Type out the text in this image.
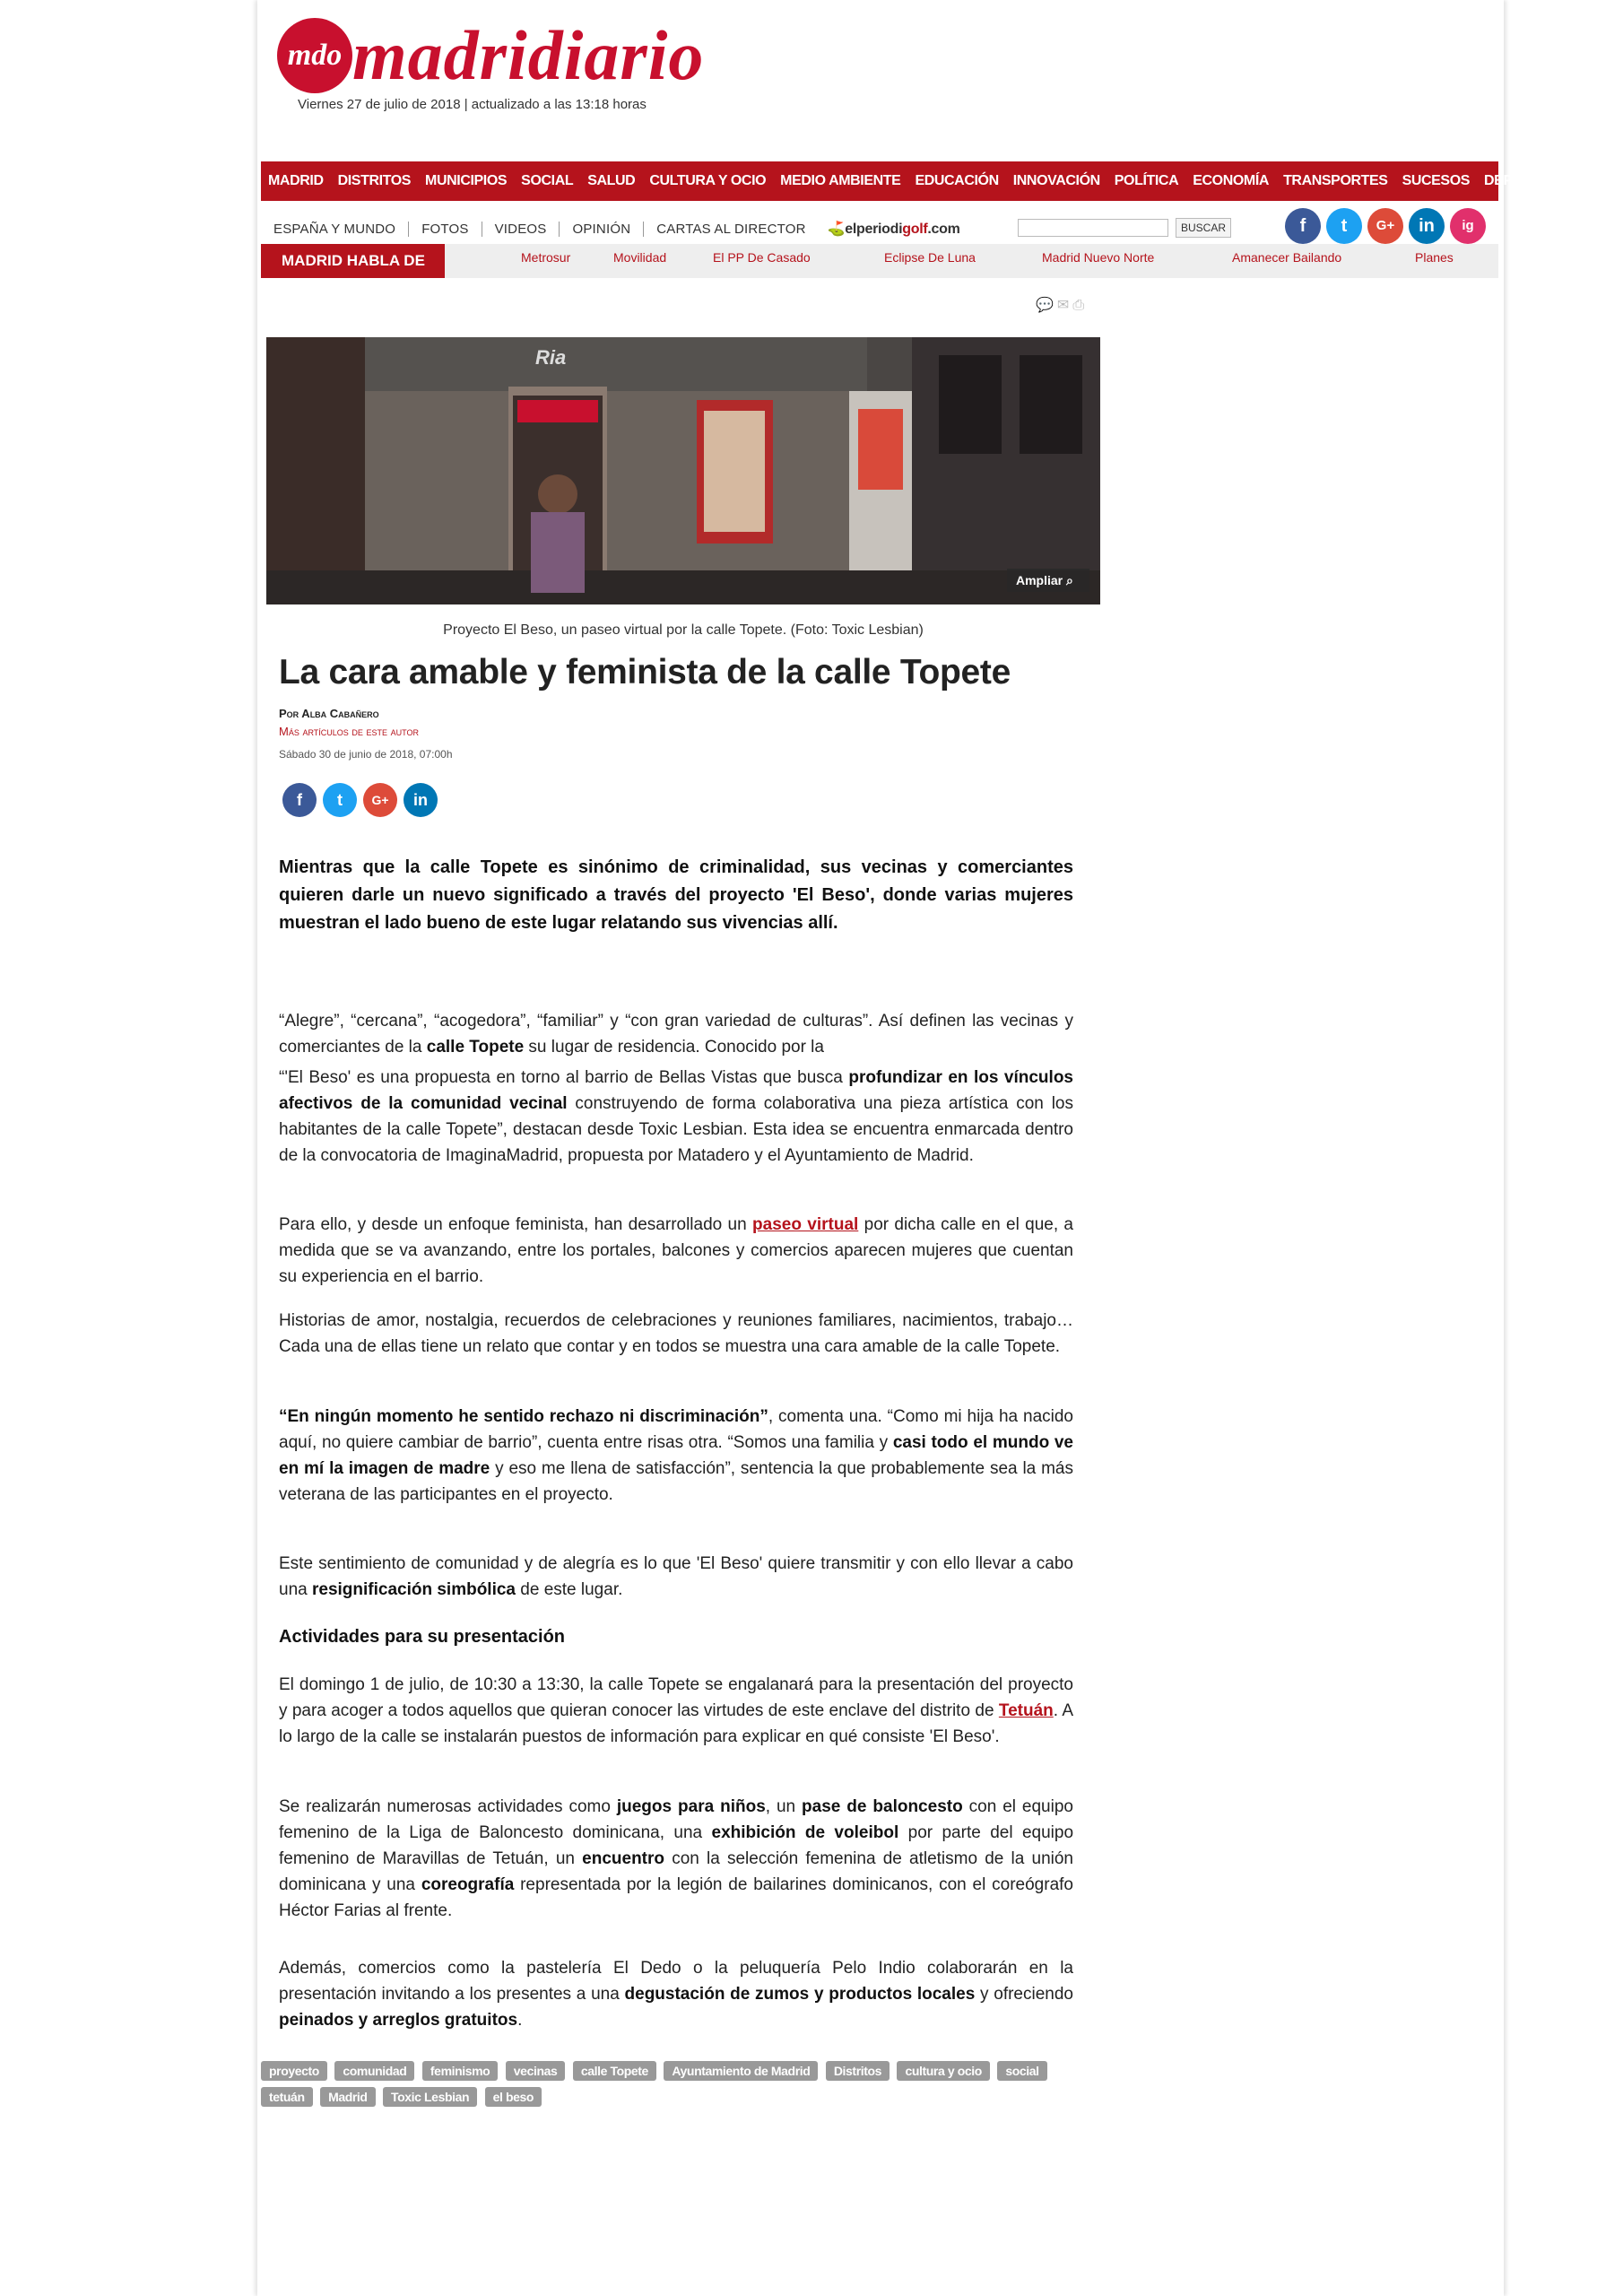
mdo madridiario
Viernes 27 de julio de 2018 | actualizado a las 13:18 horas
MADRID	DISTRITOS	MUNICIPIOS	SOCIAL	SALUD	CULTURA Y OCIO	MEDIO AMBIENTE	EDUCACIÓN	INNOVACIÓN	POLÍTICA	ECONOMÍA	TRANSPORTES	SUCESOS	DEPORTES
ESPAÑA Y MUNDO	FOTOS	VIDEOS	OPINIÓN	CARTAS AL DIRECTOR	⛳elperiodigolf.com	BUSCAR	f	t	G+	in	ig
MADRID HABLA DE	Metrosur	Movilidad	El PP De Casado	Eclipse De Luna	Madrid Nuevo Norte	Amanecer Bailando	Planes
💬✉⎙
Ria
Ampliar ⌕
Proyecto El Beso, un paseo virtual por la calle Topete. (Foto: Toxic Lesbian)
La cara amable y feminista de la calle Topete
Por Alba Cabañero
Más artículos de este autor
Sábado 30 de junio de 2018, 07:00h
f	t	G+	in

Mientras que la calle Topete es sinónimo de criminalidad, sus vecinas y comerciantes quieren darle un nuevo significado a través del proyecto 'El Beso', donde varias mujeres muestran el lado bueno de este lugar relatando sus vivencias allí.

“Alegre”, “cercana”, “acogedora”, “familiar” y “con gran variedad de culturas”. Así definen las vecinas y comerciantes de la calle Topete su lugar de residencia. Conocido por la

“'El Beso' es una propuesta en torno al barrio de Bellas Vistas que busca profundizar en los vínculos afectivos de la comunidad vecinal construyendo de forma colaborativa una pieza artística con los habitantes de la calle Topete”, destacan desde Toxic Lesbian. Esta idea se encuentra enmarcada dentro de la convocatoria de ImaginaMadrid, propuesta por Matadero y el Ayuntamiento de Madrid.

Para ello, y desde un enfoque feminista, han desarrollado un paseo virtual por dicha calle en el que, a medida que se va avanzando, entre los portales, balcones y comercios aparecen mujeres que cuentan su experiencia en el barrio.

Historias de amor, nostalgia, recuerdos de celebraciones y reuniones familiares, nacimientos, trabajo… Cada una de ellas tiene un relato que contar y en todos se muestra una cara amable de la calle Topete.

“En ningún momento he sentido rechazo ni discriminación”, comenta una. “Como mi hija ha nacido aquí, no quiere cambiar de barrio”, cuenta entre risas otra. “Somos una familia y casi todo el mundo ve en mí la imagen de madre y eso me llena de satisfacción”, sentencia la que probablemente sea la más veterana de las participantes en el proyecto.

Este sentimiento de comunidad y de alegría es lo que 'El Beso' quiere transmitir y con ello llevar a cabo una resignificación simbólica de este lugar.

Actividades para su presentación

El domingo 1 de julio, de 10:30 a 13:30, la calle Topete se engalanará para la presentación del proyecto y para acoger a todos aquellos que quieran conocer las virtudes de este enclave del distrito de Tetuán. A lo largo de la calle se instalarán puestos de información para explicar en qué consiste 'El Beso'.

Se realizarán numerosas actividades como juegos para niños, un pase de baloncesto con el equipo femenino de la Liga de Baloncesto dominicana, una exhibición de voleibol por parte del equipo femenino de Maravillas de Tetuán, un encuentro con la selección femenina de atletismo de la unión dominicana y una coreografía representada por la legión de bailarines dominicanos, con el coreógrafo Héctor Farias al frente.

Además, comercios como la pastelería El Dedo o la peluquería Pelo Indio colaborarán en la presentación invitando a los presentes a una degustación de zumos y productos locales y ofreciendo peinados y arreglos gratuitos.

proyecto comunidad feminismo vecinas calle Topete Ayuntamiento de Madrid Distritos cultura y ocio social
tetuán Madrid Toxic Lesbian el beso
